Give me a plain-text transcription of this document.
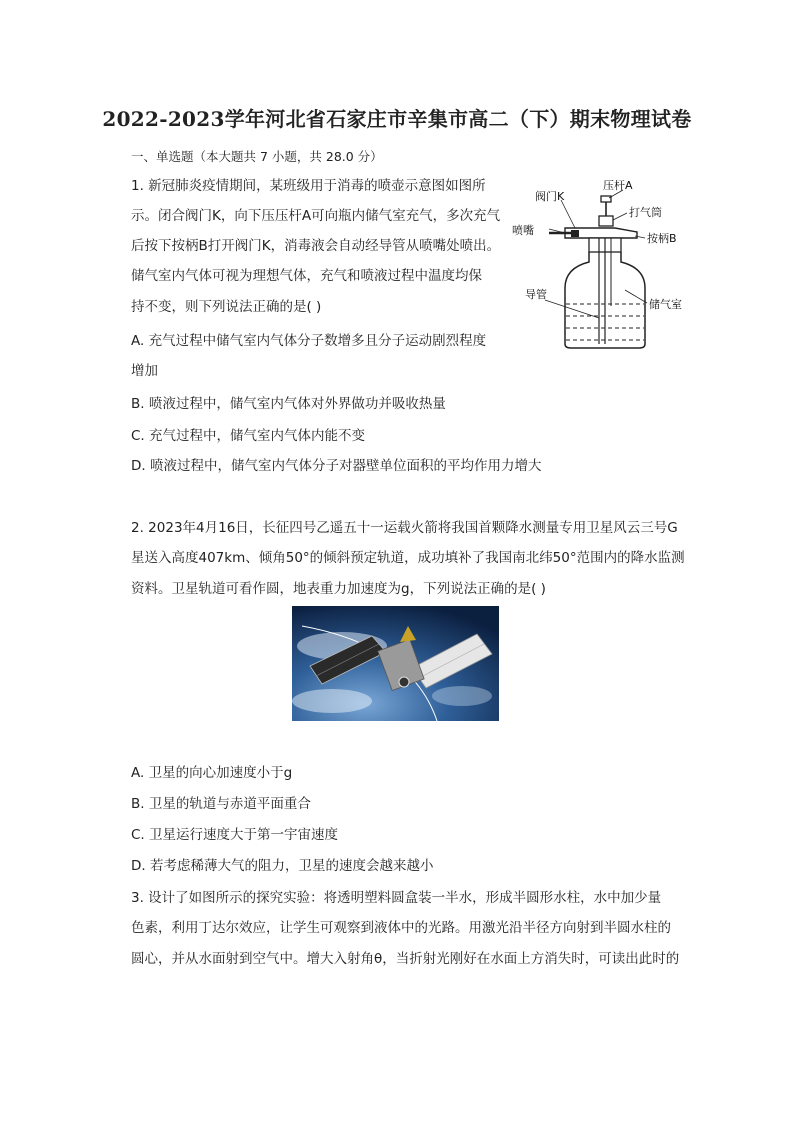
2022-2023学年河北省石家庄市辛集市高二（下）期末物理试卷
一、单选题（本大题共 7 小题，共 28.0 分）
1. 新冠肺炎疫情期间，某班级用于消毒的喷壶示意图如图所
示。闭合阀门K，向下压压杆A可向瓶内储气室充气，多次充气
后按下按柄B打开阀门K，消毒液会自动经导管从喷嘴处喷出。
储气室内气体可视为理想气体，充气和喷液过程中温度均保
持不变，则下列说法正确的是( )
A. 充气过程中储气室内气体分子数增多且分子运动剧烈程度
增加
B. 喷液过程中，储气室内气体对外界做功并吸收热量
C. 充气过程中，储气室内气体内能不变
D. 喷液过程中，储气室内气体分子对器壁单位面积的平均作用力增大
压杆A
阀门K
打气筒
喷嘴
按柄B
导管
储气室
2. 2023年4月16日，长征四号乙遥五十一运载火箭将我国首颗降水测量专用卫星风云三号G
星送入高度407km、倾角50°的倾斜预定轨道，成功填补了我国南北纬50°范围内的降水监测
资料。卫星轨道可看作圆，地表重力加速度为g，下列说法正确的是( )
A. 卫星的向心加速度小于g
B. 卫星的轨道与赤道平面重合
C. 卫星运行速度大于第一宇宙速度
D. 若考虑稀薄大气的阻力，卫星的速度会越来越小
3. 设计了如图所示的探究实验：将透明塑料圆盒装一半水，形成半圆形水柱，水中加少量
色素，利用丁达尔效应，让学生可观察到液体中的光路。用激光沿半径方向射到半圆水柱的
圆心，并从水面射到空气中。增大入射角θ，当折射光刚好在水面上方消失时，可读出此时的
